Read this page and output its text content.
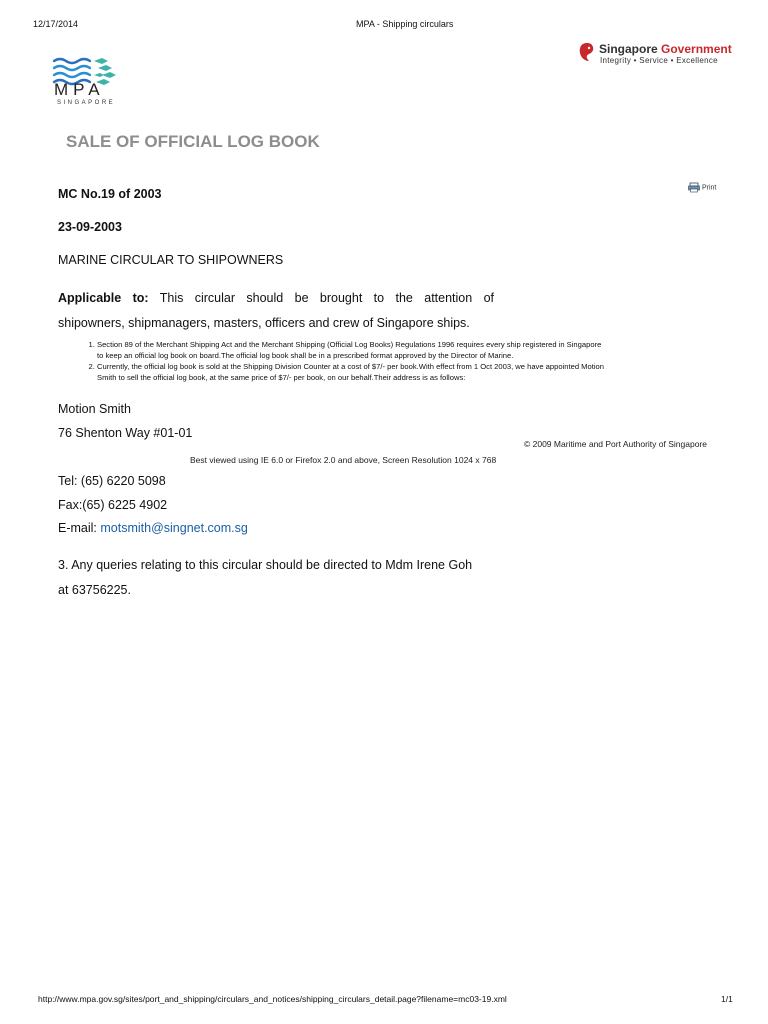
12/17/2014	MPA - Shipping circulars
MPA
SINGAPORE
Singapore Government
Integrity • Service • Excellence
SALE OF OFFICIAL LOG BOOK
MC No.19 of 2003	Print
23-09-2003
MARINE CIRCULAR TO SHIPOWNERS
Applicable to: This circular should be brought to the attention of
shipowners, shipmanagers, masters, officers and crew of Singapore ships.
1. Section 89 of the Merchant Shipping Act and the Merchant Shipping (Official Log Books) Regulations 1996 requires every ship registered in Singapore
to keep an official log book on board.The official log book shall be in a prescribed format approved by the Director of Marine.
2. Currently, the official log book is sold at the Shipping Division Counter at a cost of $7/- per book.With effect from 1 Oct 2003, we have appointed Motion
Smith to sell the official log book, at the same price of $7/- per book, on our behalf.Their address is as follows:
Motion Smith
76 Shenton Way #01-01
© 2009 Maritime and Port Authority of Singapore
Best viewed using IE 6.0 or Firefox 2.0 and above, Screen Resolution 1024 x 768
Tel: (65) 6220 5098
Fax:(65) 6225 4902
E-mail: motsmith@singnet.com.sg
3. Any queries relating to this circular should be directed to Mdm Irene Goh
at 63756225.
http://www.mpa.gov.sg/sites/port_and_shipping/circulars_and_notices/shipping_circulars_detail.page?filename=mc03-19.xml	1/1
